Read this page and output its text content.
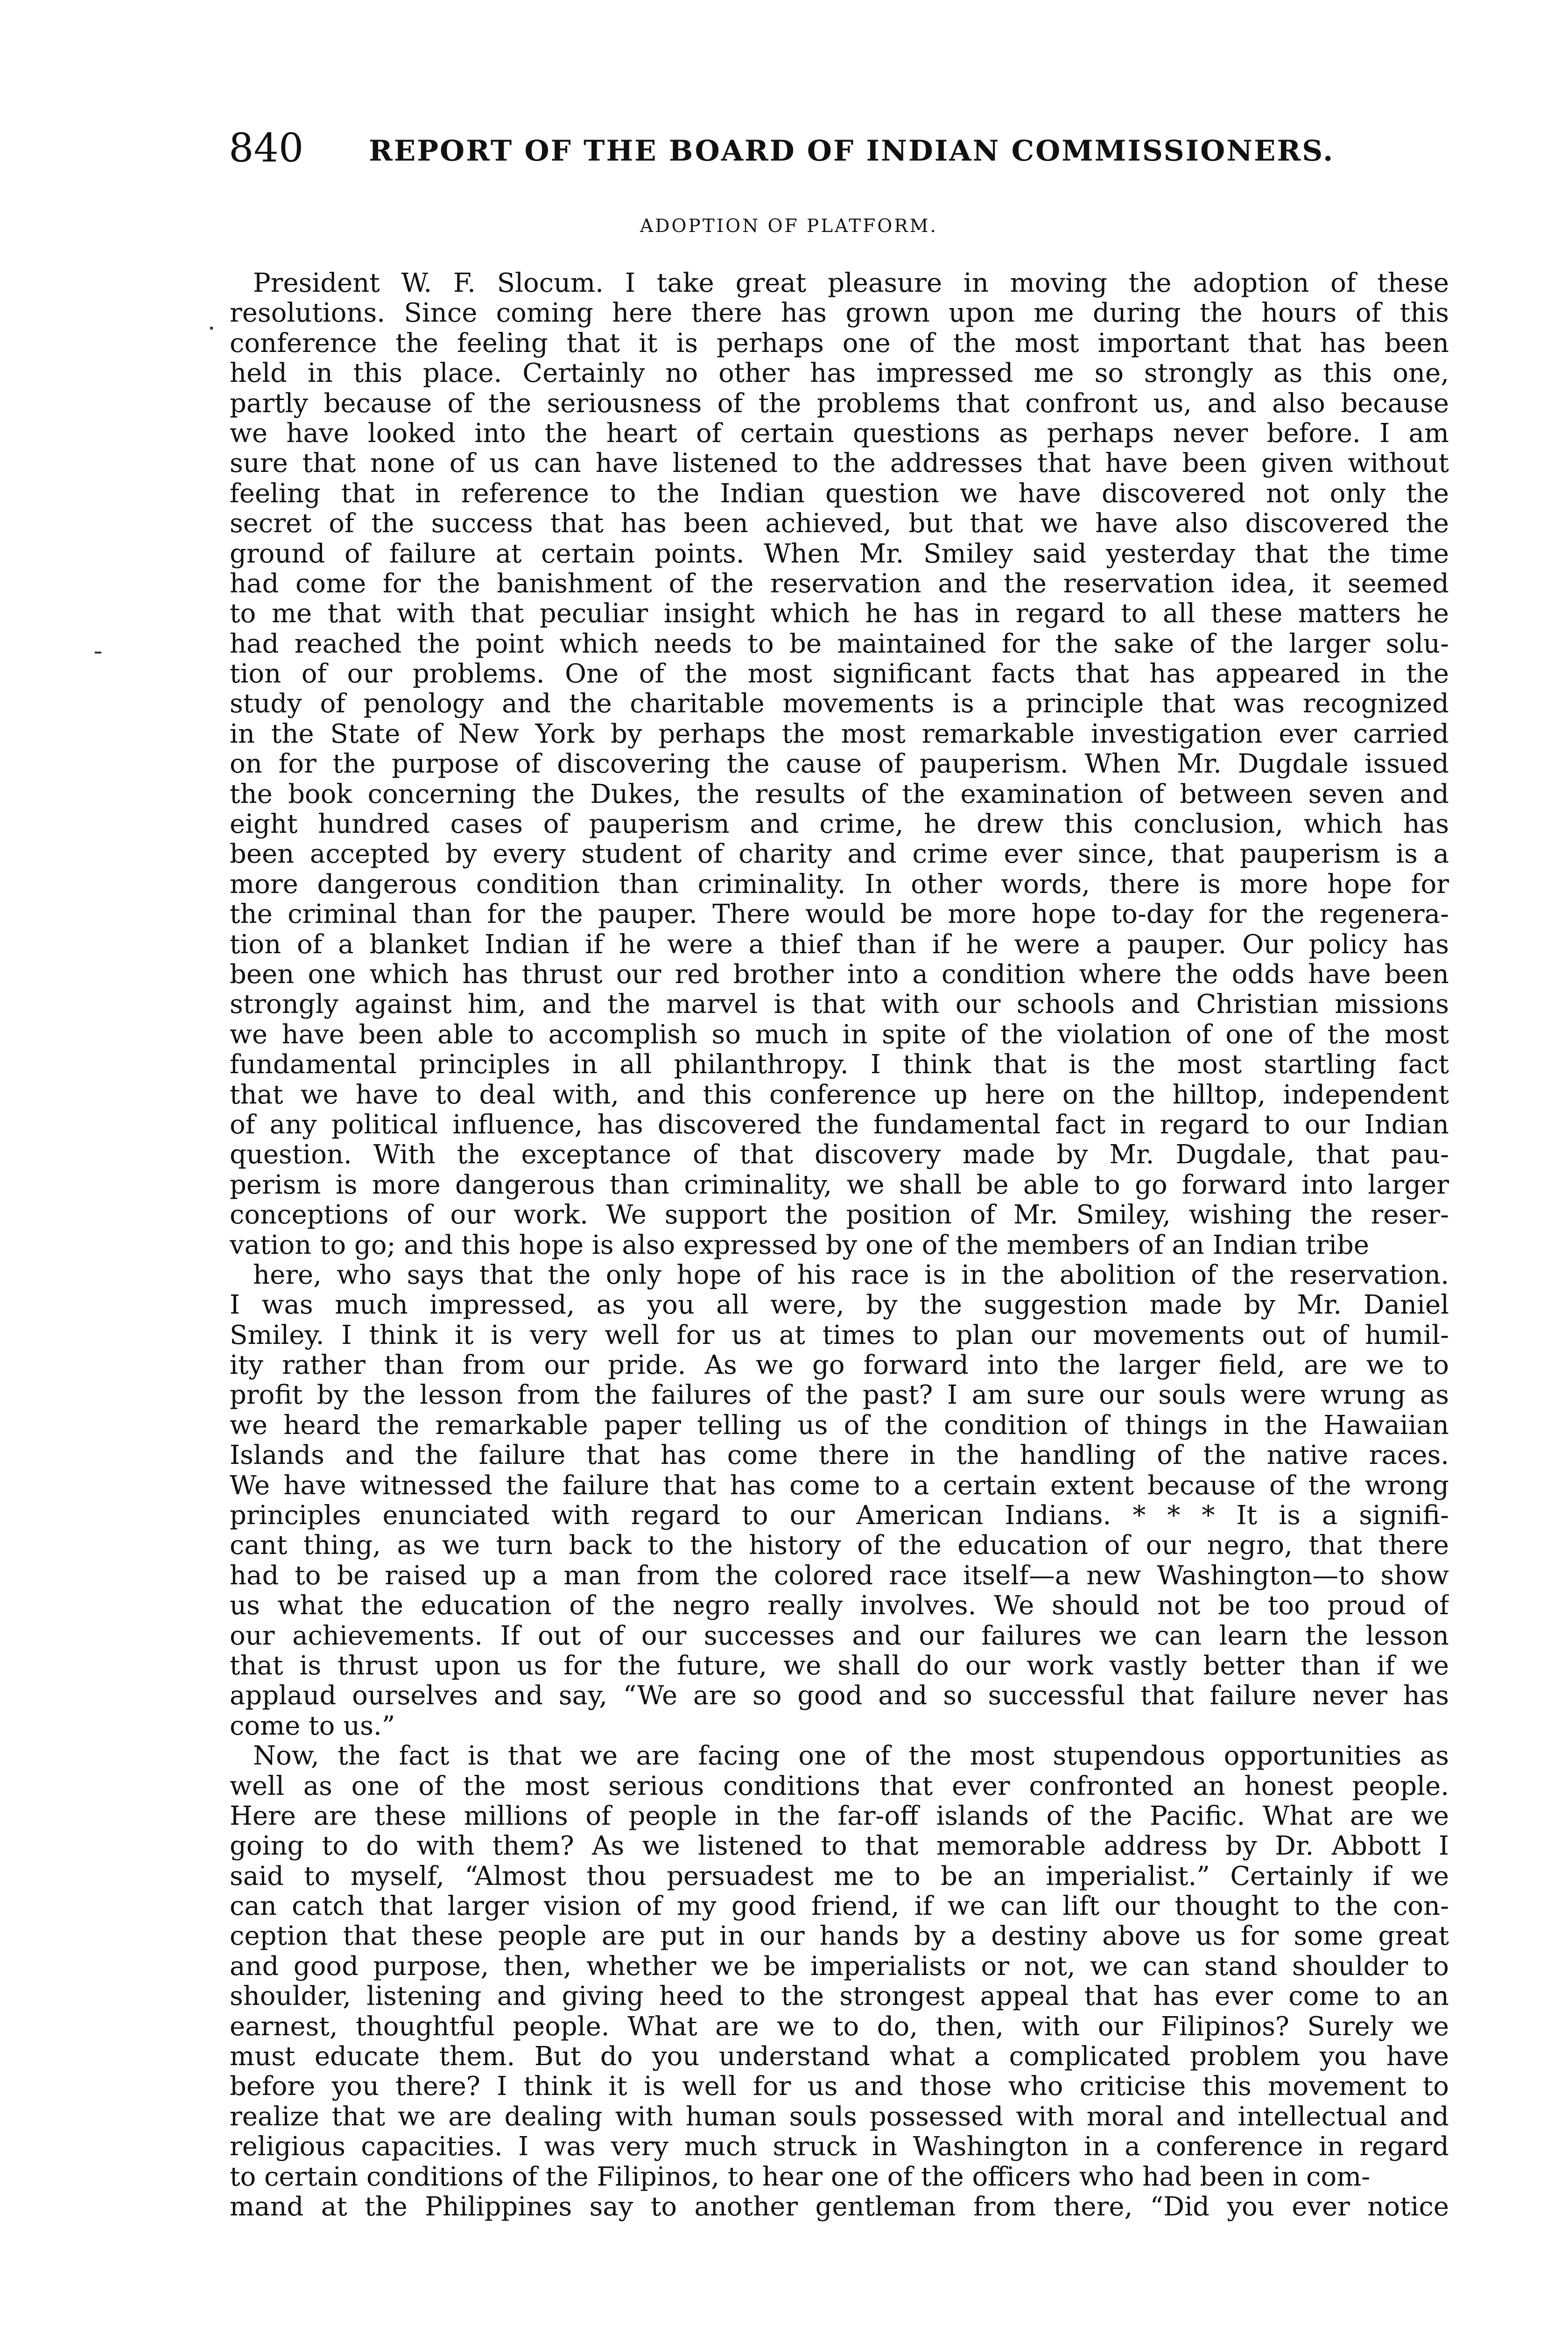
840 REPORT OF THE BOARD OF INDIAN COMMISSIONERS.
ADOPTION OF PLATFORM.
President W. F. Slocum. I take great pleasure in moving the adoption of these
resolutions. Since coming here there has grown upon me during the hours of this
conference the feeling that it is perhaps one of the most important that has been
held in this place. Certainly no other has impressed me so strongly as this one,
partly because of the seriousness of the problems that confront us, and also because
we have looked into the heart of certain questions as perhaps never before. I am
sure that none of us can have listened to the addresses that have been given without
feeling that in reference to the Indian question we have discovered not only the
secret of the success that has been achieved, but that we have also discovered the
ground of failure at certain points. When Mr. Smiley said yesterday that the time
had come for the banishment of the reservation and the reservation idea, it seemed
to me that with that peculiar insight which he has in regard to all these matters he
had reached the point which needs to be maintained for the sake of the larger solu-
tion of our problems. One of the most significant facts that has appeared in the
study of penology and the charitable movements is a principle that was recognized
in the State of New York by perhaps the most remarkable investigation ever carried
on for the purpose of discovering the cause of pauperism. When Mr. Dugdale issued
the book concerning the Dukes, the results of the examination of between seven and
eight hundred cases of pauperism and crime, he drew this conclusion, which has
been accepted by every student of charity and crime ever since, that pauperism is a
more dangerous condition than criminality. In other words, there is more hope for
the criminal than for the pauper. There would be more hope to-day for the regenera-
tion of a blanket Indian if he were a thief than if he were a pauper. Our policy has
been one which has thrust our red brother into a condition where the odds have been
strongly against him, and the marvel is that with our schools and Christian missions
we have been able to accomplish so much in spite of the violation of one of the most
fundamental principles in all philanthropy. I think that is the most startling fact
that we have to deal with, and this conference up here on the hilltop, independent
of any political influence, has discovered the fundamental fact in regard to our Indian
question. With the exceptance of that discovery made by Mr. Dugdale, that pau-
perism is more dangerous than criminality, we shall be able to go forward into larger
conceptions of our work. We support the position of Mr. Smiley, wishing the reser-
vation to go; and this hope is also expressed by one of the members of an Indian tribe
here, who says that the only hope of his race is in the abolition of the reservation.
I was much impressed, as you all were, by the suggestion made by Mr. Daniel
Smiley. I think it is very well for us at times to plan our movements out of humil-
ity rather than from our pride. As we go forward into the larger field, are we to
profit by the lesson from the failures of the past? I am sure our souls were wrung as
we heard the remarkable paper telling us of the condition of things in the Hawaiian
Islands and the failure that has come there in the handling of the native races.
We have witnessed the failure that has come to a certain extent because of the wrong
principles enunciated with regard to our American Indians. * * * It is a signifi-
cant thing, as we turn back to the history of the education of our negro, that there
had to be raised up a man from the colored race itself—a new Washington—to show
us what the education of the negro really involves. We should not be too proud of
our achievements. If out of our successes and our failures we can learn the lesson
that is thrust upon us for the future, we shall do our work vastly better than if we
applaud ourselves and say, “We are so good and so successful that failure never has
come to us.”
Now, the fact is that we are facing one of the most stupendous opportunities as
well as one of the most serious conditions that ever confronted an honest people.
Here are these millions of people in the far-off islands of the Pacific. What are we
going to do with them? As we listened to that memorable address by Dr. Abbott I
said to myself, “Almost thou persuadest me to be an imperialist.” Certainly if we
can catch that larger vision of my good friend, if we can lift our thought to the con-
ception that these people are put in our hands by a destiny above us for some great
and good purpose, then, whether we be imperialists or not, we can stand shoulder to
shoulder, listening and giving heed to the strongest appeal that has ever come to an
earnest, thoughtful people. What are we to do, then, with our Filipinos? Surely we
must educate them. But do you understand what a complicated problem you have
before you there? I think it is well for us and those who criticise this movement to
realize that we are dealing with human souls possessed with moral and intellectual and
religious capacities. I was very much struck in Washington in a conference in regard
to certain conditions of the Filipinos, to hear one of the officers who had been in com-
mand at the Philippines say to another gentleman from there, “Did you ever notice
